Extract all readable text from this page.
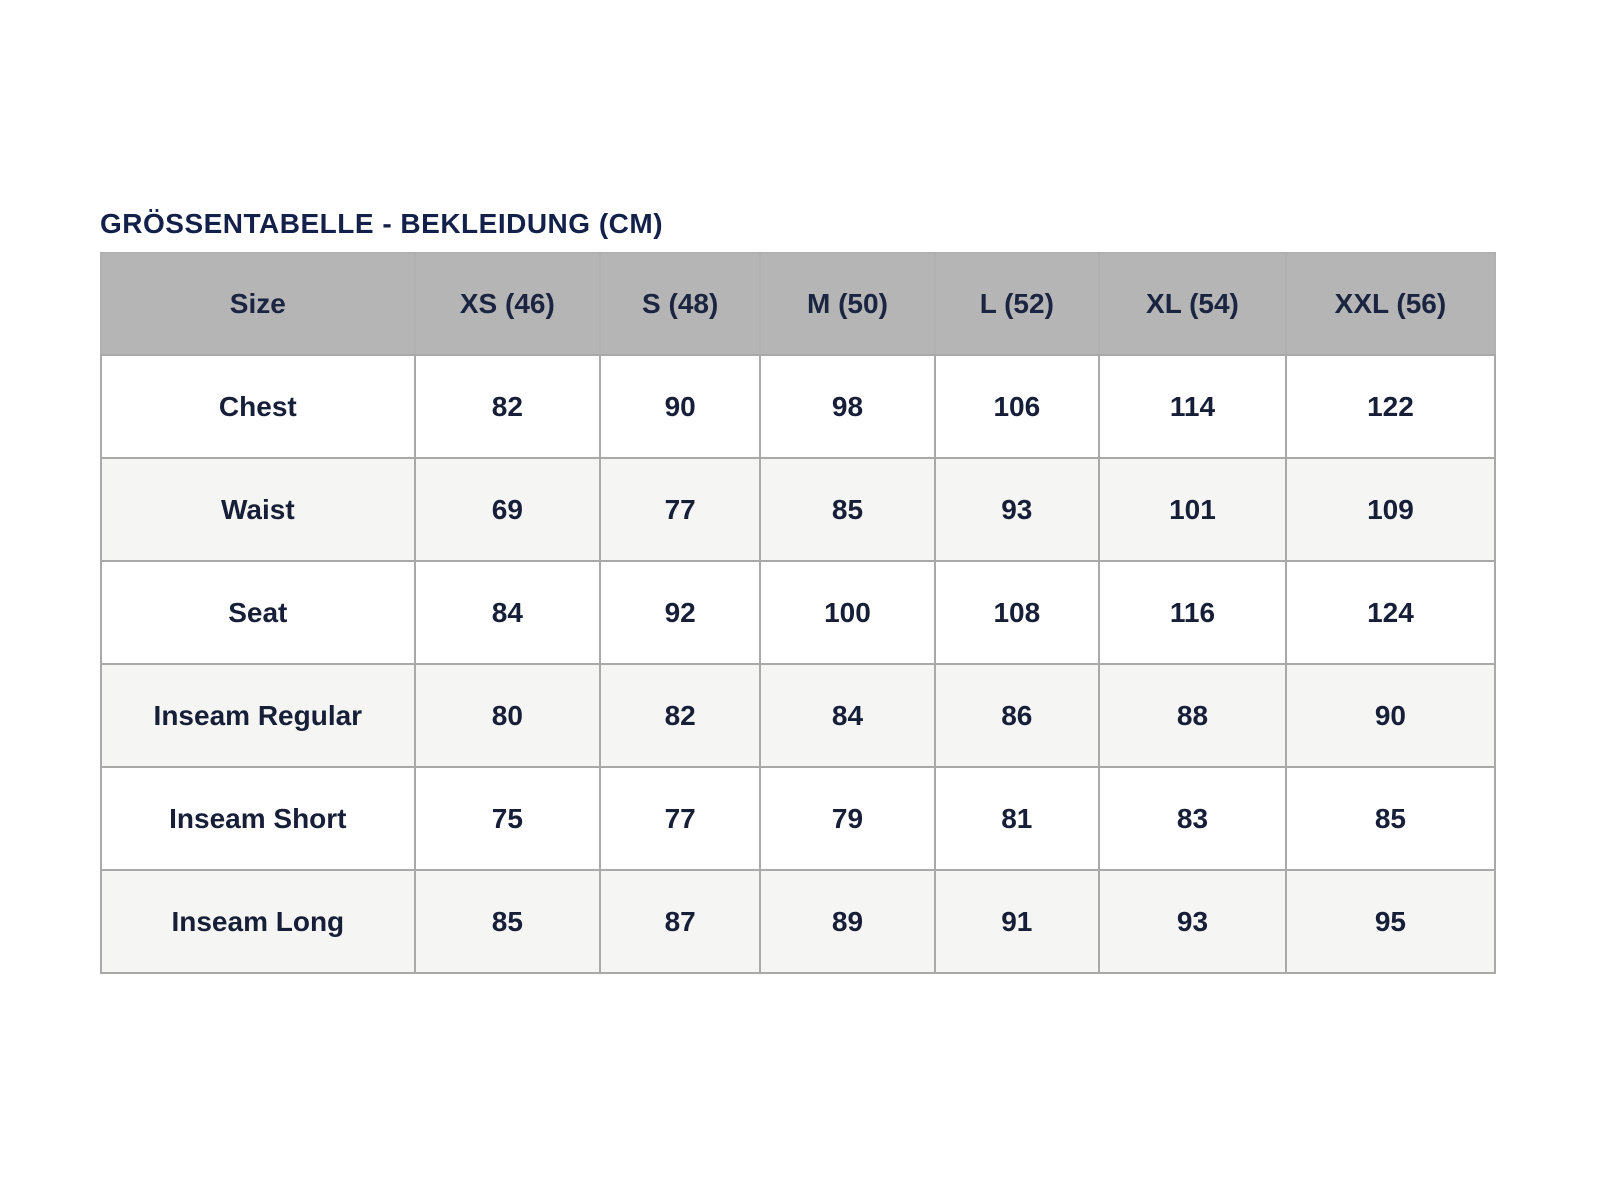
GRÖSSENTABELLE - BEKLEIDUNG (CM)
Size	XS (46)	S (48)	M (50)	L (52)	XL (54)	XXL (56)
Chest	82	90	98	106	114	122
Waist	69	77	85	93	101	109
Seat	84	92	100	108	116	124
Inseam Regular	80	82	84	86	88	90
Inseam Short	75	77	79	81	83	85
Inseam Long	85	87	89	91	93	95
